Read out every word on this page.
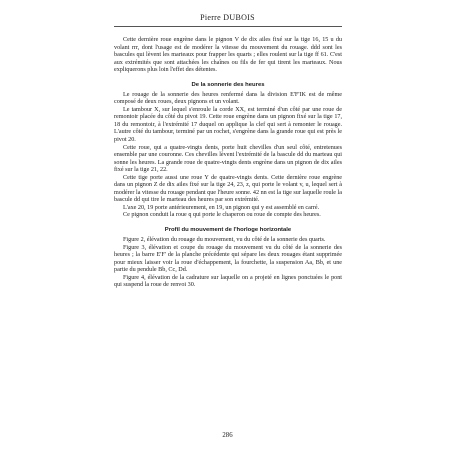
Pierre DUBOIS

Cette dernière roue engrène dans le pignon V de dix ailes fixé sur la tige 16, 15 u du volant rrr, dont l'usage est de modérer la vitesse du mouvement du rouage. ddd sont les bascules qui lèvent les marteaux pour frapper les quarts ; elles roulent sur la tige ff 61. C'est aux extrémités que sont attachées les chaînes ou fils de fer qui tirent les marteaux. Nous expliquerons plus loin l'effet des détentes.

De la sonnerie des heures

Le rouage de la sonnerie des heures renfermé dans la division E'F'IK est de même composé de deux roues, deux pignons et un volant.

Le tambour X, sur lequel s'enroule la corde XX, est terminé d'un côté par une roue de remontoir placée du côté du pivot 19. Cette roue engrène dans un pignon fixé sur la tige 17, 18 du remontoir, à l'extrémité 17 duquel on applique la clef qui sert à remonter le rouage. L'autre côté du tambour, terminé par un rochet, s'engrène dans la grande roue qui est près le pivot 20.

Cette roue, qui a quatre-vingts dents, porte huit chevilles d'un seul côté, entretenues ensemble par une couronne. Ces chevilles lèvent l'extrémité de la bascule dd du marteau qui sonne les heures. La grande roue de quatre-vingts dents engrène dans un pignon de dix ailes fixé sur la tige 21, 22.

Cette tige porte aussi une roue Y de quatre-vingts dents. Cette dernière roue engrène dans un pignon Z de dix ailes fixé sur la tige 24, 23, z, qui porte le volant v, u, lequel sert à modérer la vitesse du rouage pendant que l'heure sonne. 42 nn est la tige sur laquelle roule la bascule dd qui tire le marteau des heures par son extrémité.

L'axe 20, 19 porte antérieurement, en 19, un pignon qui y est assemblé en carré.

Ce pignon conduit la roue q qui porte le chaperon ou roue de compte des heures.

Profil du mouvement de l'horloge horizontale

Figure 2, élévation du rouage du mouvement, vu du côté de la sonnerie des quarts.

Figure 3, élévation et coupe du rouage du mouvement vu du côté de la sonnerie des heures ; la barre E'F' de la planche précédente qui sépare les deux rouages étant supprimée pour mieux laisser voir la roue d'échappement, la fourchette, la suspension Aa, Bb, et une partie du pendule Bb, Cc, Dd.

Figure 4, élévation de la cadrature sur laquelle on a projeté en lignes ponctuées le pont qui suspend la roue de renvoi 30.

286
